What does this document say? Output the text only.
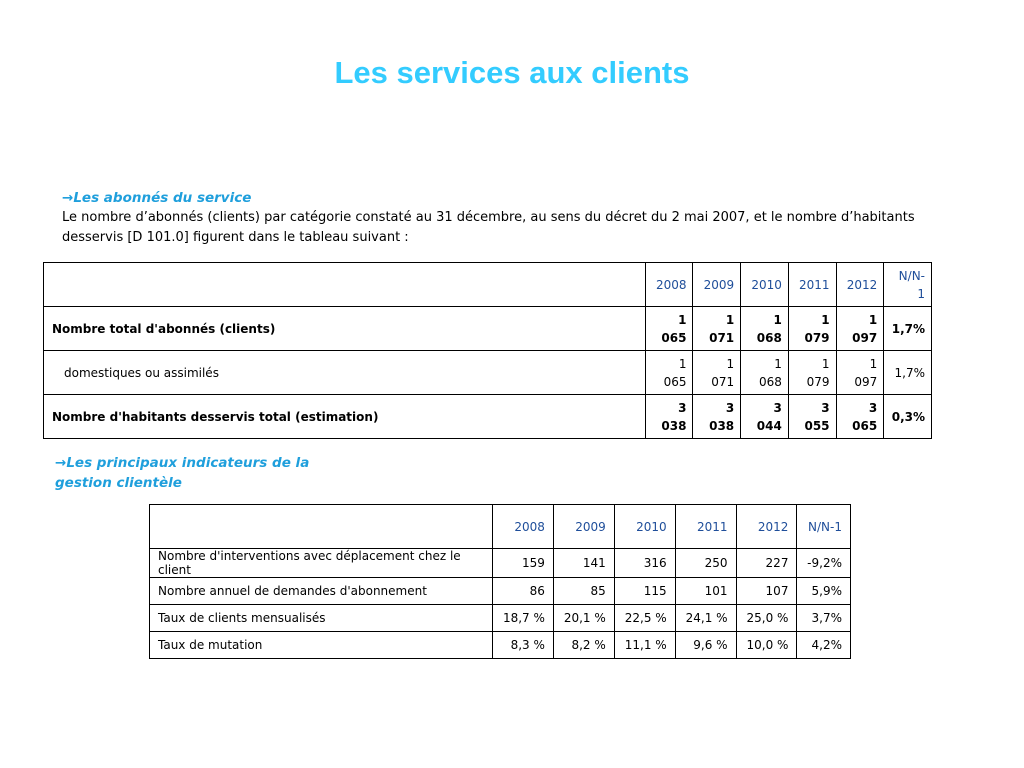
Les services aux clients
→Les abonnés du service
Le nombre d’abonnés (clients) par catégorie constaté au 31 décembre, au sens du décret du 2 mai 2007, et le nombre d’habitants desservis [D 101.0] figurent dans le tableau suivant :
	2008	2009	2010	2011	2012	N/N-1
Nombre total d'abonnés (clients)	1 065	1 071	1 068	1 079	1 097	1,7%
domestiques ou assimilés	1 065	1 071	1 068	1 079	1 097	1,7%
Nombre d'habitants desservis total (estimation)	3 038	3 038	3 044	3 055	3 065	0,3%
→Les principaux indicateurs de la gestion clientèle
	2008	2009	2010	2011	2012	N/N-1
Nombre d'interventions avec déplacement chez le client	159	141	316	250	227	-9,2%
Nombre annuel de demandes d'abonnement	86	85	115	101	107	5,9%
Taux de clients mensualisés	18,7 %	20,1 %	22,5 %	24,1 %	25,0 %	3,7%
Taux de mutation	8,3 %	8,2 %	11,1 %	9,6 %	10,0 %	4,2%
